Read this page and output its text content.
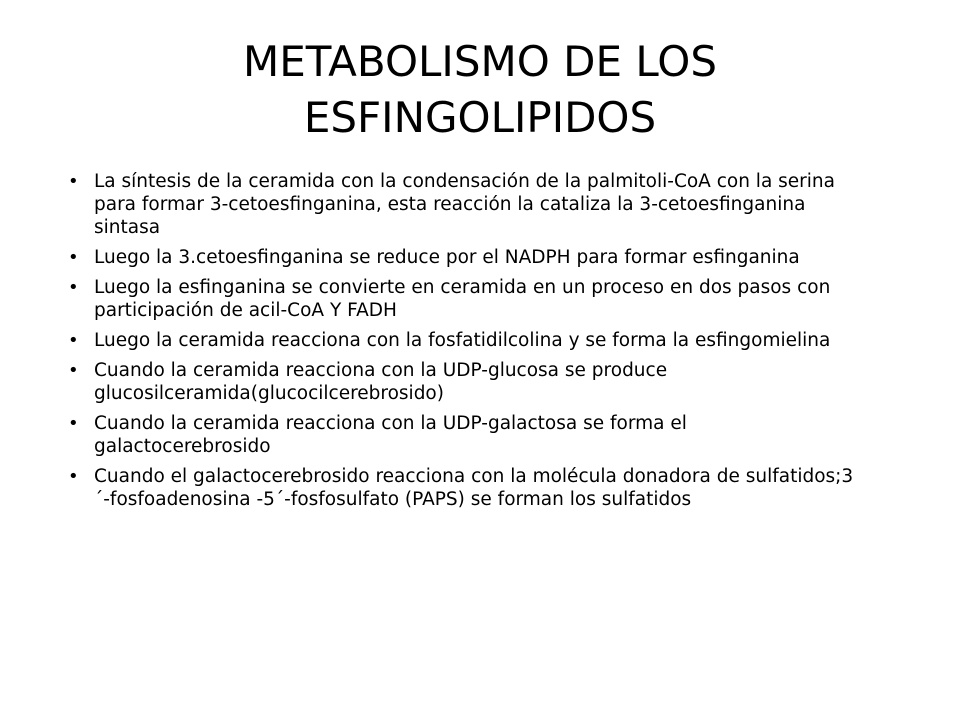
METABOLISMO DE LOS
ESFINGOLIPIDOS
• La síntesis de la ceramida con la condensación de la palmitoli-CoA con la serina para formar 3-cetoesfinganina, esta reacción la cataliza la 3-cetoesfinganina sintasa
• Luego la 3.cetoesfinganina se reduce por el NADPH para formar esfinganina
• Luego la esfinganina se convierte en ceramida en un proceso en dos pasos con participación de acil-CoA Y FADH
• Luego la ceramida reacciona con la fosfatidilcolina y se forma la esfingomielina
• Cuando la ceramida reacciona con la UDP-glucosa se produce glucosilceramida(glucocilcerebrosido)
• Cuando la ceramida reacciona con la UDP-galactosa se forma el galactocerebrosido
• Cuando el galactocerebrosido reacciona con la molécula donadora de sulfatidos;3´-fosfoadenosina -5´-fosfosulfato (PAPS) se forman los sulfatidos
